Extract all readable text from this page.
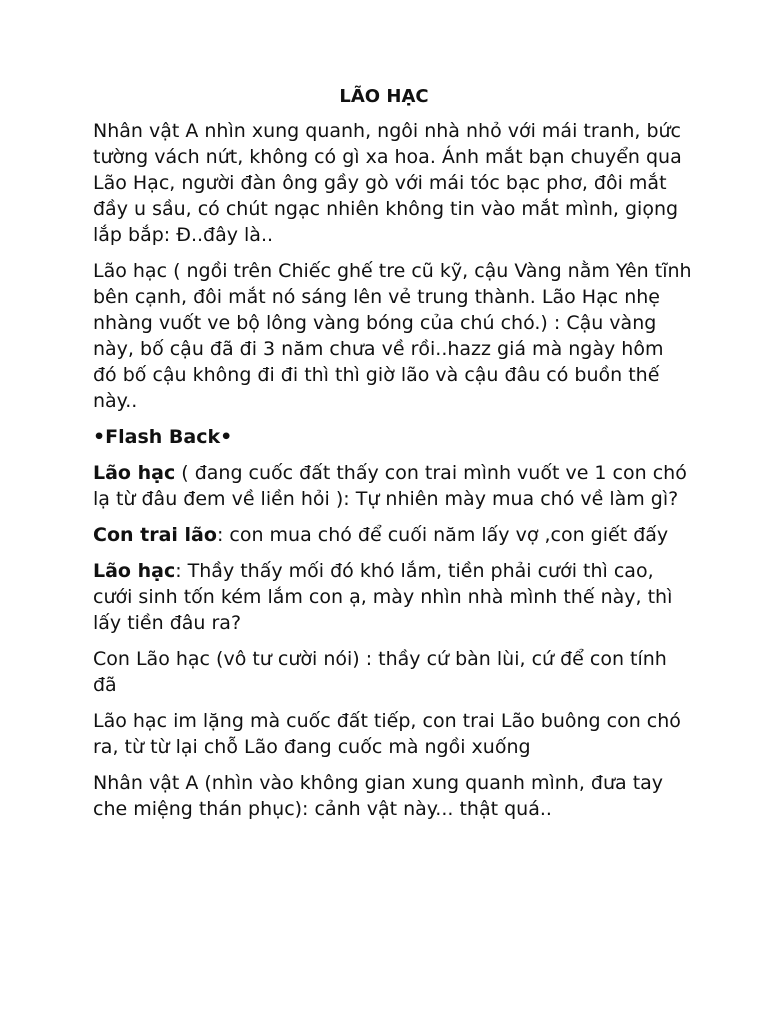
LÃO HẠC

Nhân vật A nhìn xung quanh, ngôi nhà nhỏ với mái tranh, bức tường vách nứt, không có gì xa hoa. Ánh mắt bạn chuyển qua Lão Hạc, người đàn ông gầy gò với mái tóc bạc phơ, đôi mắt đầy u sầu, có chút ngạc nhiên không tin vào mắt mình, giọng lắp bắp: Đ..đây là..

Lão hạc ( ngồi trên Chiếc ghế tre cũ kỹ, cậu Vàng nằm Yên tĩnh bên cạnh, đôi mắt nó sáng lên vẻ trung thành. Lão Hạc nhẹ nhàng vuốt ve bộ lông vàng bóng của chú chó.) : Cậu vàng này, bố cậu đã đi 3 năm chưa về rồi..hazz giá mà ngày hôm đó bố cậu không đi đi thì thì giờ lão và cậu đâu có buồn thế này..

•Flash Back•

Lão hạc ( đang cuốc đất thấy con trai mình vuốt ve 1 con chó lạ từ đâu đem về liền hỏi ): Tự nhiên mày mua chó về làm gì?

Con trai lão: con mua chó để cuối năm lấy vợ ,con giết đấy

Lão hạc: Thầy thấy mối đó khó lắm, tiền phải cưới thì cao, cưới sinh tốn kém lắm con ạ, mày nhìn nhà mình thế này, thì lấy tiền đâu ra?

Con Lão hạc (vô tư cười nói) : thầy cứ bàn lùi, cứ để con tính đã

Lão hạc im lặng mà cuốc đất tiếp, con trai Lão buông con chó ra, từ từ lại chỗ Lão đang cuốc mà ngồi xuống

Nhân vật A (nhìn vào không gian xung quanh mình, đưa tay che miệng thán phục): cảnh vật này... thật quá..
